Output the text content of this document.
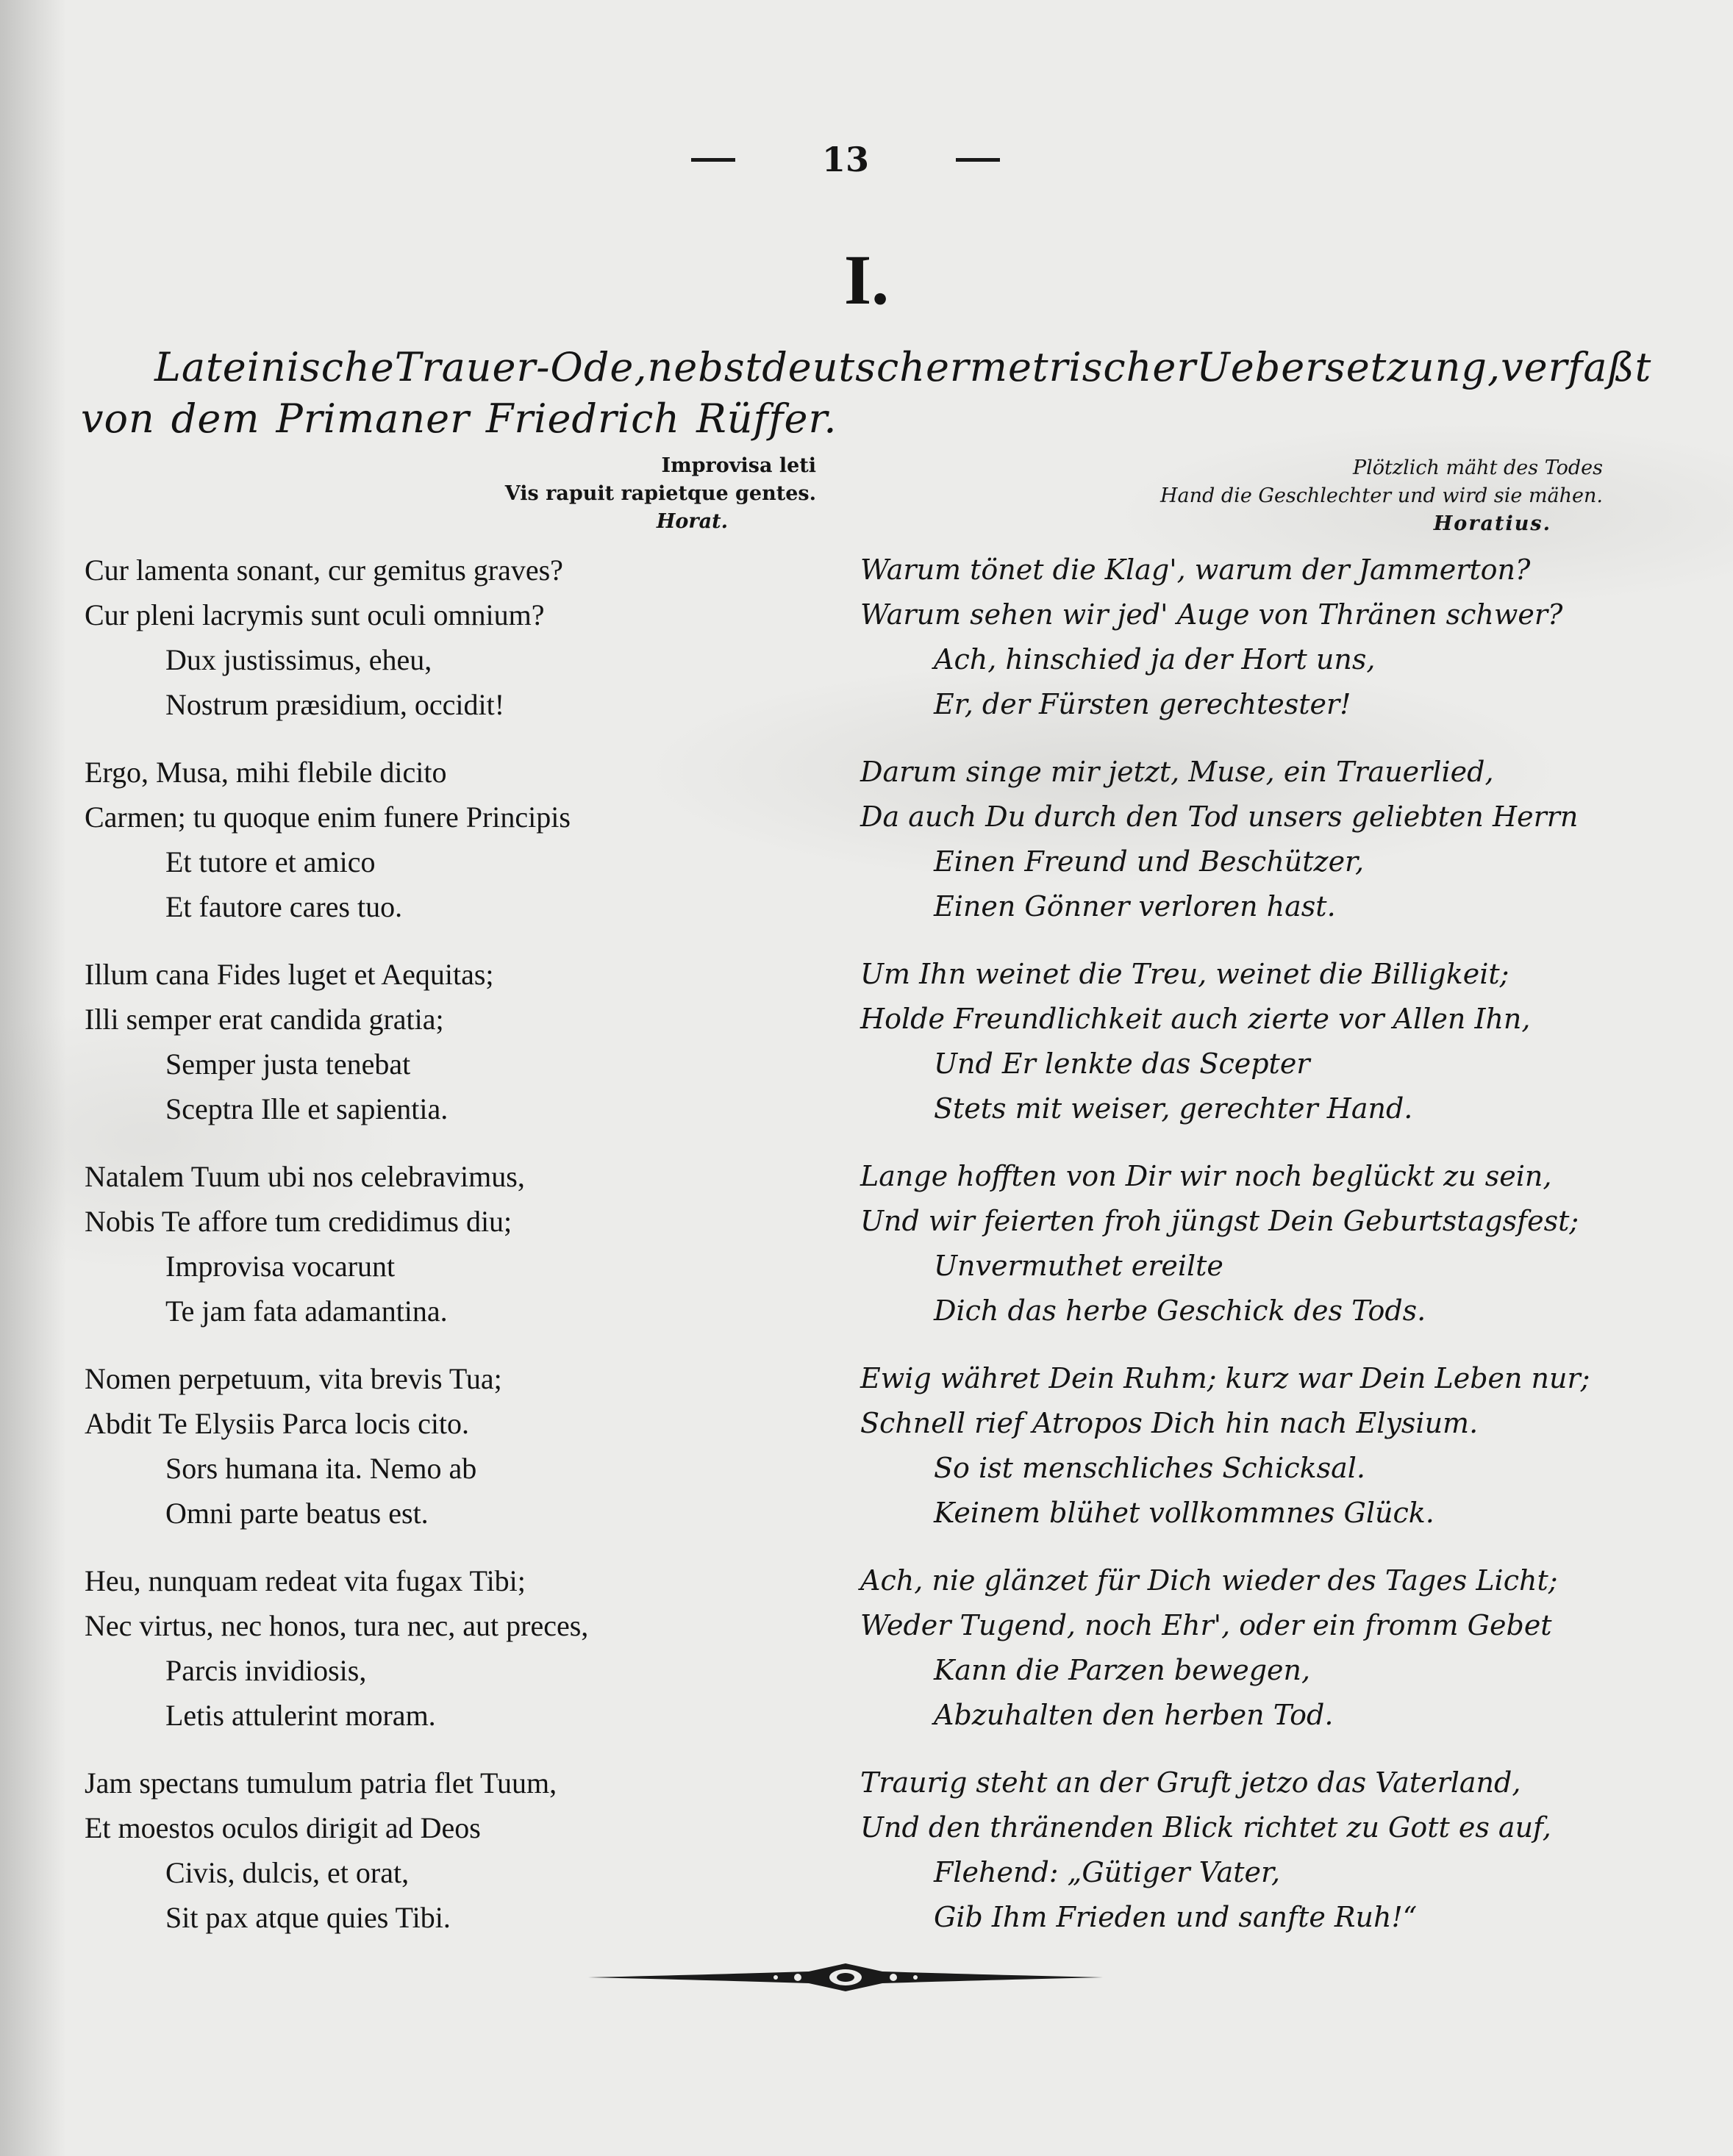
13
I.
Lateinische Trauer-Ode, nebst deutscher metrischer Uebersetzung, verfaßt
von dem Primaner Friedrich Rüffer.
Improvisa leti
Vis rapuit rapietque gentes.
Horat.
Plötzlich mäht des Todes
Hand die Geschlechter und wird sie mähen.
Horatius.
Cur lamenta sonant, cur gemitus graves?
Cur pleni lacrymis sunt oculi omnium?
Dux justissimus, eheu,
Nostrum præsidium, occidit!
Ergo, Musa, mihi flebile dicito
Carmen; tu quoque enim funere Principis
Et tutore et amico
Et fautore cares tuo.
Illum cana Fides luget et Aequitas;
Illi semper erat candida gratia;
Semper justa tenebat
Sceptra Ille et sapientia.
Natalem Tuum ubi nos celebravimus,
Nobis Te affore tum credidimus diu;
Improvisa vocarunt
Te jam fata adamantina.
Nomen perpetuum, vita brevis Tua;
Abdit Te Elysiis Parca locis cito.
Sors humana ita. Nemo ab
Omni parte beatus est.
Heu, nunquam redeat vita fugax Tibi;
Nec virtus, nec honos, tura nec, aut preces,
Parcis invidiosis,
Letis attulerint moram.
Jam spectans tumulum patria flet Tuum,
Et moestos oculos dirigit ad Deos
Civis, dulcis, et orat,
Sit pax atque quies Tibi.
Warum tönet die Klag', warum der Jammerton?
Warum sehen wir jed' Auge von Thränen schwer?
Ach, hinschied ja der Hort uns,
Er, der Fürsten gerechtester!
Darum singe mir jetzt, Muse, ein Trauerlied,
Da auch Du durch den Tod unsers geliebten Herrn
Einen Freund und Beschützer,
Einen Gönner verloren hast.
Um Ihn weinet die Treu, weinet die Billigkeit;
Holde Freundlichkeit auch zierte vor Allen Ihn,
Und Er lenkte das Scepter
Stets mit weiser, gerechter Hand.
Lange hofften von Dir wir noch beglückt zu sein,
Und wir feierten froh jüngst Dein Geburtstagsfest;
Unvermuthet ereilte
Dich das herbe Geschick des Tods.
Ewig währet Dein Ruhm; kurz war Dein Leben nur;
Schnell rief Atropos Dich hin nach Elysium.
So ist menschliches Schicksal.
Keinem blühet vollkommnes Glück.
Ach, nie glänzet für Dich wieder des Tages Licht;
Weder Tugend, noch Ehr', oder ein fromm Gebet
Kann die Parzen bewegen,
Abzuhalten den herben Tod.
Traurig steht an der Gruft jetzo das Vaterland,
Und den thränenden Blick richtet zu Gott es auf,
Flehend: „Gütiger Vater,
Gib Ihm Frieden und sanfte Ruh!“
